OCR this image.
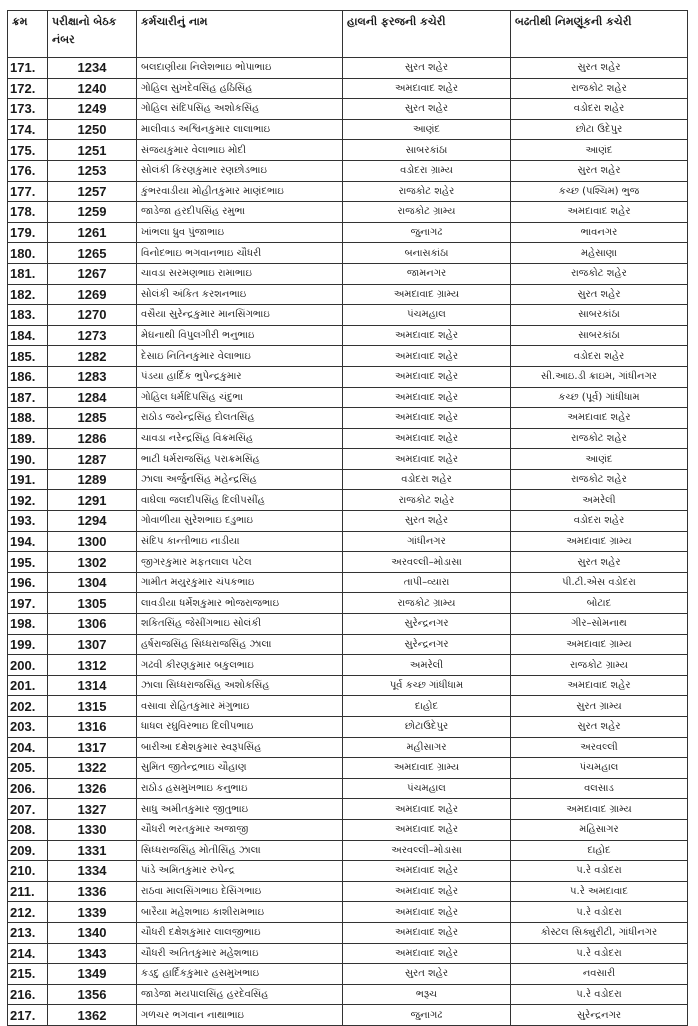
ક્રમ	પરીક્ષાનો બેઠક નંબર	કર્મચારીનું નામ	હાલની ફરજની કચેરી	બઢતીથી નિમણૂંકની કચેરી
171.	1234	બલદાણીયા નિલેશભાઇ ભોપાભાઇ	સુરત શહેર	સુરત શહેર
172.	1240	ગોહિલ સુખદેવસિંહ હઠિસિંહ	અમદાવાદ શહેર	રાજકોટ શહેર
173.	1249	ગોહિલ સંદિપસિંહ અશોકસિંહ	સુરત શહેર	વડોદરા શહેર
174.	1250	માલીવાડ અશ્વિનકુમાર લાલાભાઇ	આણંદ	છોટા ઉદેપુર
175.	1251	સંજયકુમાર વેલાભાઇ મોદી	સાબરકાંઠા	આણંદ
176.	1253	સોલંકી કિરણકુમાર રણછોડભાઇ	વડોદરા ગ્રામ્ય	સુરત શહેર
177.	1257	કુંભરવાડીયા મોહીતકુમાર માણંદભાઇ	રાજકોટ શહેર	કચ્છ (પશ્ચિમ) ભુજ
178.	1259	જાડેજા હરદીપસિંહ રમુભા	રાજકોટ ગ્રામ્ય	અમદાવાદ શહેર
179.	1261	ખાંભલા ધ્રુવ પુંજાભાઇ	જુનાગઢ	ભાવનગર
180.	1265	વિનોદભાઇ ભગવાનભાઇ ચૌધરી	બનાસકાંઠા	મહેસાણા
181.	1267	ચાવડા સરમણભાઇ રામાભાઇ	જામનગર	રાજકોટ શહેર
182.	1269	સોલંકી અંકિત કરશનભાઇ	અમદાવાદ ગ્રામ્ય	સુરત શહેર
183.	1270	વસૈયા સુરેન્દ્રકુમાર માનસિંગભાઇ	પંચમહાલ	સાબરકાંઠા
184.	1273	મેઘનાથી વિપુલગીરી ભનુભાઇ	અમદાવાદ શહેર	સાબરકાંઠા
185.	1282	દેસાઇ નિતિનકુમાર વેલાભાઇ	અમદાવાદ શહેર	વડોદરા શહેર
186.	1283	પંડયા હાર્દિક ભુપેન્દ્રકુમાર	અમદાવાદ શહેર	સી.આઇ.ડી ક્રાઇમ, ગાંધીનગર
187.	1284	ગોહિલ ધર્મદિપસિંહ ચંદુભા	અમદાવાદ શહેર	કચ્છ (પૂર્વ) ગાંધીધામ
188.	1285	રાઠોડ જયેન્દ્રસિંહ દોલતસિંહ	અમદાવાદ શહેર	અમદાવાદ શહેર
189.	1286	ચાવડા નરેન્દ્રસિંહ વિક્રમસિંહ	અમદાવાદ શહેર	રાજકોટ શહેર
190.	1287	ભાટી ધર્મરાજસિંહ પરાક્રમસિંહ	અમદાવાદ શહેર	આણંદ
191.	1289	ઝાલા અર્જુનસિંહ મહેન્દ્રસિંહ	વડોદરા શહેર	રાજકોટ શહેર
192.	1291	વાઘેલા જલદીપસિંહ દિલીપસીંહ	રાજકોટ શહેર	અમરેલી
193.	1294	ગોવાળીયા સુરેશભાઇ દડુભાઇ	સુરત શહેર	વડોદરા શહેર
194.	1300	સંદિપ કાન્તીભાઇ નાડીયા	ગાંધીનગર	અમદાવાદ ગ્રામ્ય
195.	1302	જીગરકુમાર મફતલાલ પટેલ	અરવલ્લી–મોડાસા	સુરત શહેર
196.	1304	ગામીત મયુરકુમાર ચંપકભાઇ	તાપી–વ્યારા	પી.ટી.એસ વડોદરા
197.	1305	લાવડીયા ધર્મેશકુમાર ભોજરાજભાઇ	રાજકોટ ગ્રામ્ય	બોટાદ
198.	1306	શકિતસિંહ જેસીંગભાઇ સોલંકી	સુરેન્દ્રનગર	ગીર–સોમનાથ
199.	1307	હર્ષરાજસિંહ સિધ્ધરાજસિંહ ઝાલા	સુરેન્દ્રનગર	અમદાવાદ ગ્રામ્ય
200.	1312	ગઢવી કીરણકુમાર બકુલભાઇ	અમરેલી	રાજકોટ ગ્રામ્ય
201.	1314	ઝાલા સિધ્ધરાજસિંહ અશોકસિંહ	પૂર્વ કચ્છ ગાંધીધામ	અમદાવાદ શહેર
202.	1315	વસાવા રોહિતકુમાર મંગુભાઇ	દાહોદ	સુરત ગ્રામ્ય
203.	1316	ધાધલ રઘુવિરભાઇ દિલીપભાઇ	છોટાઉદેપુર	સુરત શહેર
204.	1317	બારીઆ દક્ષેશકુમાર સ્વરૂપસિંહ	મહીસાગર	અરવલ્લી
205.	1322	સુમિત જીતેન્દ્રભાઇ ચૌહાણ	અમદાવાદ ગ્રામ્ય	પંચમહાલ
206.	1326	રાઠોડ હસમુખભાઇ કનુભાઇ	પંચમહાલ	વલસાડ
207.	1327	સાધુ અમીતકુમાર જીતુભાઇ	અમદાવાદ શહેર	અમદાવાદ ગ્રામ્ય
208.	1330	ચૌધરી ભરતકુમાર અજાજી	અમદાવાદ શહેર	મહિસાગર
209.	1331	સિધ્ધરાજસિંહ મોતીસિંહ ઝાલા	અરવલ્લી–મોડાસા	દાહોદ
210.	1334	પાંડે અમિતકુમાર રુપેન્દ્ર	અમદાવાદ શહેર	પ.રે વડોદરા
211.	1336	રાઠવા માલસિંગભાઇ દેસિંગભાઇ	અમદાવાદ શહેર	પ.રે અમદાવાદ
212.	1339	બારૈયા મહેશભાઇ કાશીરામભાઇ	અમદાવાદ શહેર	પ.રે વડોદરા
213.	1340	ચૌધરી દક્ષેશકુમાર લાલજીભાઇ	અમદાવાદ શહેર	કોસ્ટલ સિક્યુરીટી, ગાંધીનગર
214.	1343	ચૌધરી અતિતકુમાર મહેશભાઇ	અમદાવાદ શહેર	પ.રે વડોદરા
215.	1349	કડદુ હાર્દિકકુમાર હસમુખભાઇ	સુરત શહેર	નવસારી
216.	1356	જાડેજા મયપાલસિંહ હરદેવસિંહ	ભરૂચ	પ.રે વડોદરા
217.	1362	ગળચર ભગવાન નાથાભાઇ	જુનાગઢ	સુરેન્દ્રનગર
